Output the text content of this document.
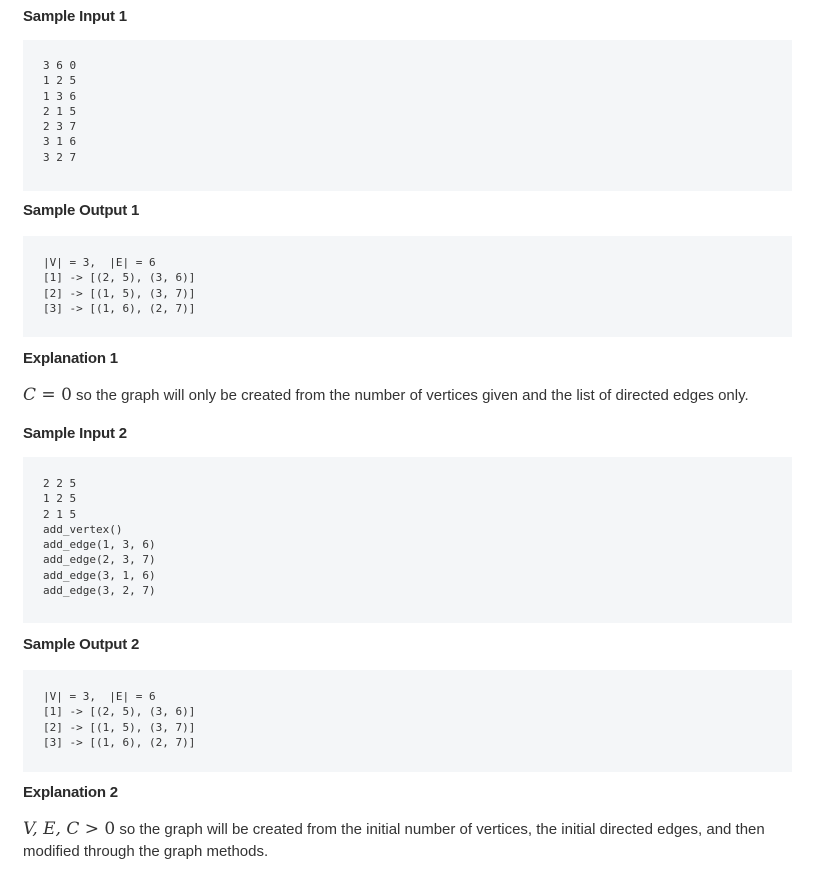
Sample Input 1
3 6 0
1 2 5
1 3 6
2 1 5
2 3 7
3 1 6
3 2 7
Sample Output 1
|V| = 3,  |E| = 6
[1] -> [(2, 5), (3, 6)]
[2] -> [(1, 5), (3, 7)]
[3] -> [(1, 6), (2, 7)]
Explanation 1

C = 0 so the graph will only be created from the number of vertices given and the list of directed edges only.

Sample Input 2
2 2 5
1 2 5
2 1 5
add_vertex()
add_edge(1, 3, 6)
add_edge(2, 3, 7)
add_edge(3, 1, 6)
add_edge(3, 2, 7)
Sample Output 2
|V| = 3,  |E| = 6
[1] -> [(2, 5), (3, 6)]
[2] -> [(1, 5), (3, 7)]
[3] -> [(1, 6), (2, 7)]
Explanation 2

V, E, C > 0 so the graph will be created from the initial number of vertices, the initial directed edges, and then modified through the graph methods.
